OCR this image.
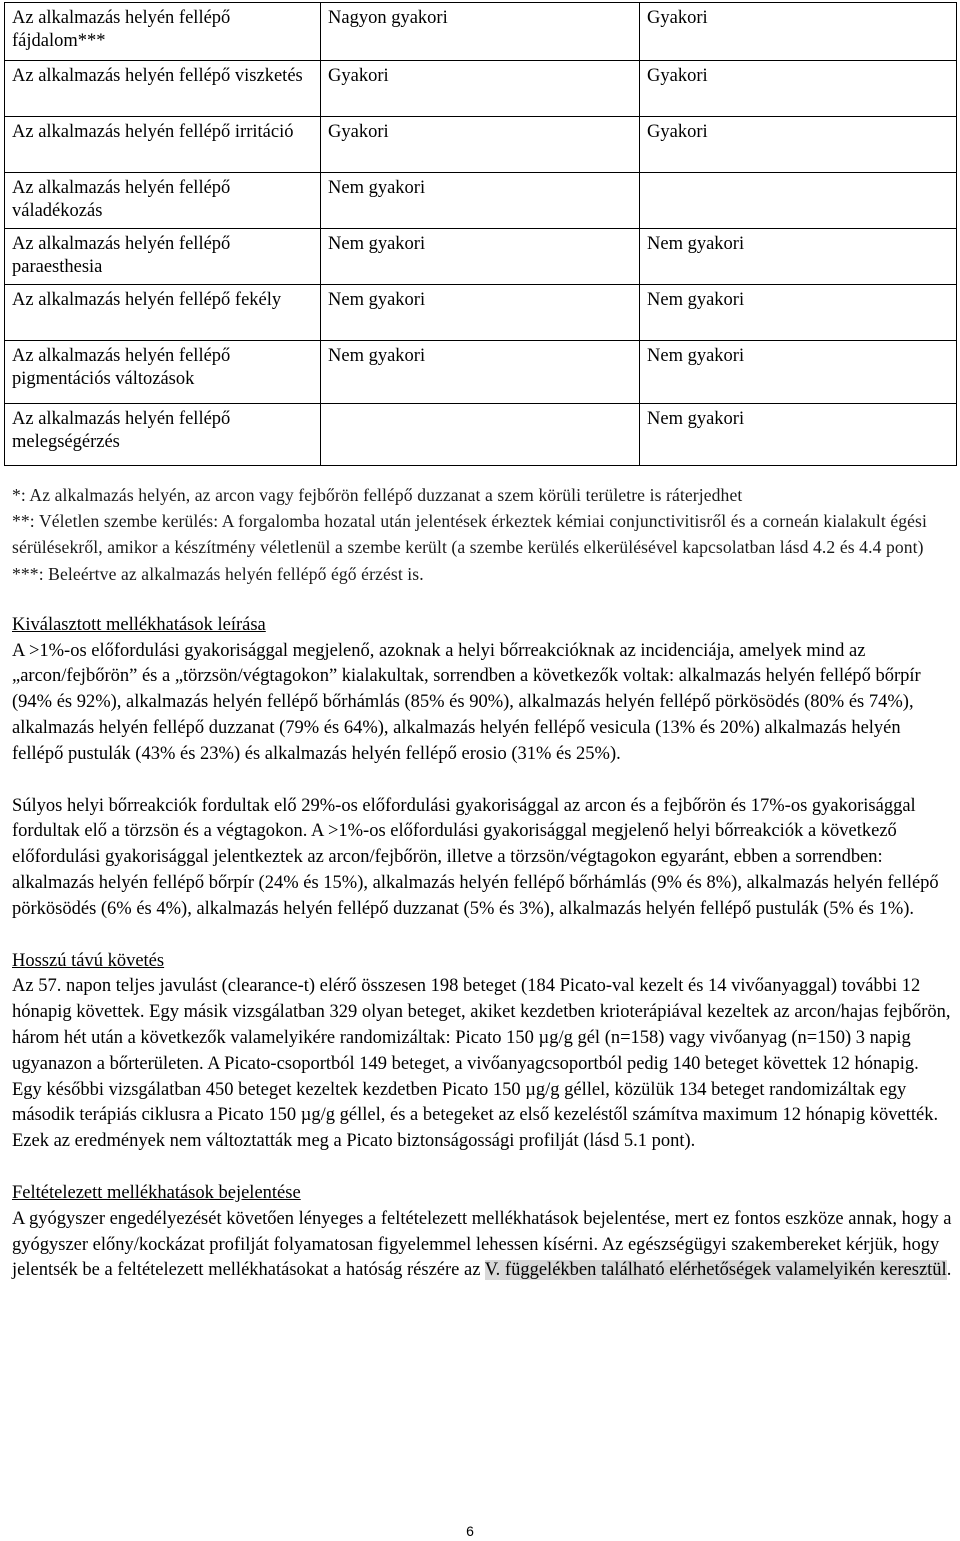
Az alkalmazás helyén fellépő fájdalom***	Nagyon gyakori	Gyakori
Az alkalmazás helyén fellépő viszketés	Gyakori	Gyakori
Az alkalmazás helyén fellépő irritáció	Gyakori	Gyakori
Az alkalmazás helyén fellépő váladékozás	Nem gyakori	
Az alkalmazás helyén fellépő paraesthesia	Nem gyakori	Nem gyakori
Az alkalmazás helyén fellépő fekély	Nem gyakori	Nem gyakori
Az alkalmazás helyén fellépő pigmentációs változások	Nem gyakori	Nem gyakori
Az alkalmazás helyén fellépő melegségérzés		Nem gyakori

*: Az alkalmazás helyén, az arcon vagy fejbőrön fellépő duzzanat a szem körüli területre is ráterjedhet

**: Véletlen szembe kerülés: A forgalomba hozatal után jelentések érkeztek kémiai conjunctivitisről és a corneán kialakult égési sérülésekről, amikor a készítmény véletlenül a szembe került (a szembe kerülés elkerülésével kapcsolatban lásd 4.2 és 4.4 pont)

***: Beleértve az alkalmazás helyén fellépő égő érzést is.

Kiválasztott mellékhatások leírása

A >1%-os előfordulási gyakorisággal megjelenő, azoknak a helyi bőrreakcióknak az incidenciája, amelyek mind az „arcon/fejbőrön” és a „törzsön/végtagokon” kialakultak, sorrendben a következők voltak: alkalmazás helyén fellépő bőrpír (94% és 92%), alkalmazás helyén fellépő bőrhámlás (85% és 90%), alkalmazás helyén fellépő pörkösödés (80% és 74%), alkalmazás helyén fellépő duzzanat (79% és 64%), alkalmazás helyén fellépő vesicula (13% és 20%) alkalmazás helyén fellépő pustulák (43% és 23%) és alkalmazás helyén fellépő erosio (31% és 25%).

Súlyos helyi bőrreakciók fordultak elő 29%-os előfordulási gyakorisággal az arcon és a fejbőrön és 17%-os gyakorisággal fordultak elő a törzsön és a végtagokon. A >1%-os előfordulási gyakorisággal megjelenő helyi bőrreakciók a következő előfordulási gyakorisággal jelentkeztek az arcon/fejbőrön, illetve a törzsön/végtagokon egyaránt, ebben a sorrendben: alkalmazás helyén fellépő bőrpír (24% és 15%), alkalmazás helyén fellépő bőrhámlás (9% és 8%), alkalmazás helyén fellépő pörkösödés (6% és 4%), alkalmazás helyén fellépő duzzanat (5% és 3%), alkalmazás helyén fellépő pustulák (5% és 1%).

Hosszú távú követés

Az 57. napon teljes javulást (clearance-t) elérő összesen 198 beteget (184 Picato-val kezelt és 14 vivőanyaggal) további 12 hónapig követtek. Egy másik vizsgálatban 329 olyan beteget, akiket kezdetben krioterápiával kezeltek az arcon/hajas fejbőrön, három hét után a következők valamelyikére randomizáltak: Picato 150 µg/g gél (n=158) vagy vivőanyag (n=150) 3 napig ugyanazon a bőrterületen. A Picato-csoportból 149 beteget, a vivőanyagcsoportból pedig 140 beteget követtek 12 hónapig. Egy későbbi vizsgálatban 450 beteget kezeltek kezdetben Picato 150 µg/g géllel, közülük 134 beteget randomizáltak egy második terápiás ciklusra a Picato 150 µg/g géllel, és a betegeket az első kezeléstől számítva maximum 12 hónapig követték.

Ezek az eredmények nem változtatták meg a Picato biztonságossági profilját (lásd 5.1 pont).

Feltételezett mellékhatások bejelentése

A gyógyszer engedélyezését követően lényeges a feltételezett mellékhatások bejelentése, mert ez fontos eszköze annak, hogy a gyógyszer előny/kockázat profilját folyamatosan figyelemmel lehessen kísérni. Az egészségügyi szakembereket kérjük, hogy jelentsék be a feltételezett mellékhatásokat a hatóság részére az V. függelékben található elérhetőségek valamelyikén keresztül.

6
